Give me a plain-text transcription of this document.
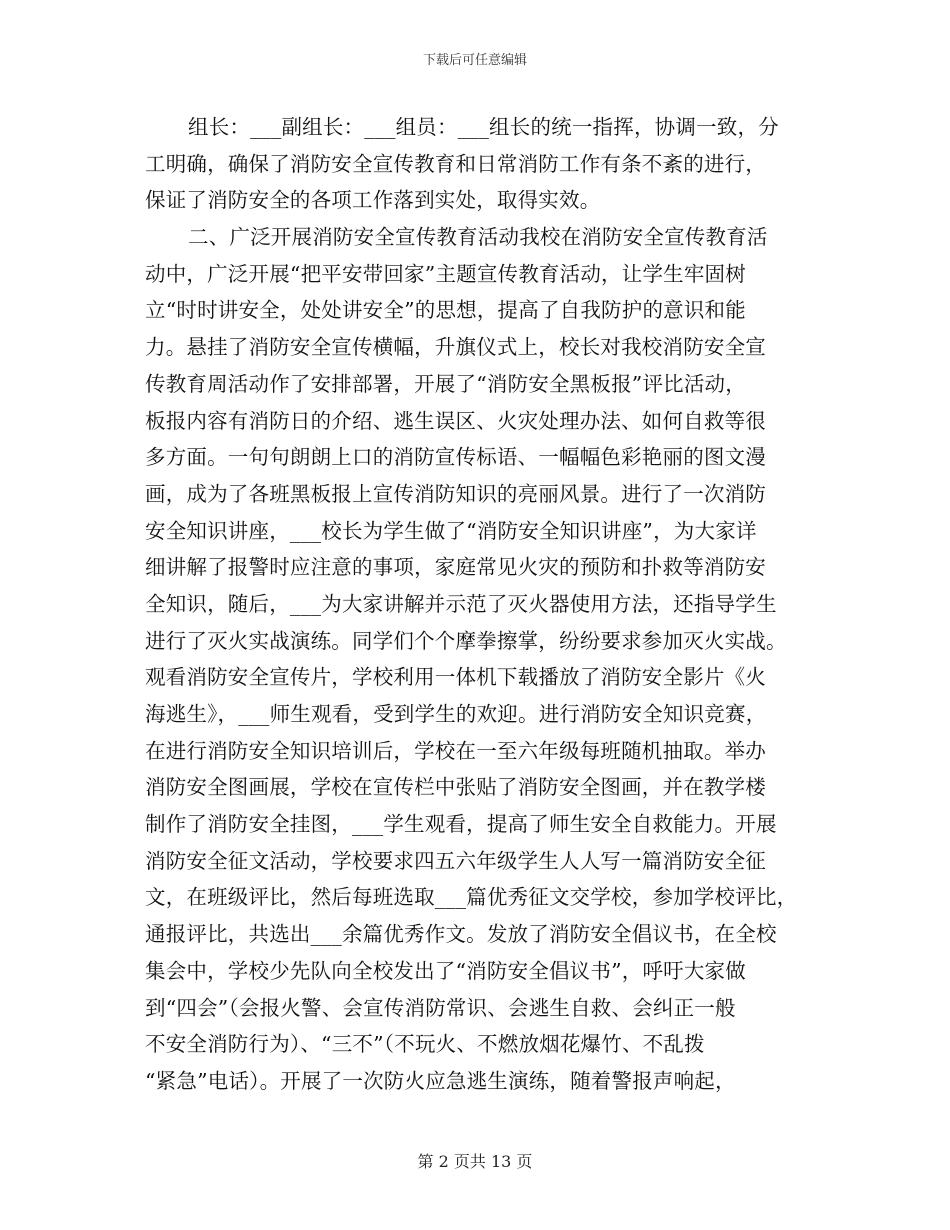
下载后可任意编辑
组长：___副组长：___组员：___组长的统一指挥，协调一致，分
工明确，确保了消防安全宣传教育和日常消防工作有条不紊的进行，
保证了消防安全的各项工作落到实处，取得实效。
二、广泛开展消防安全宣传教育活动我校在消防安全宣传教育活
动中，广泛开展“把平安带回家”主题宣传教育活动，让学生牢固树
立“时时讲安全，处处讲安全”的思想，提高了自我防护的意识和能
力。悬挂了消防安全宣传横幅，升旗仪式上，校长对我校消防安全宣
传教育周活动作了安排部署，开展了“消防安全黑板报”评比活动，
板报内容有消防日的介绍、逃生误区、火灾处理办法、如何自救等很
多方面。一句句朗朗上口的消防宣传标语、一幅幅色彩艳丽的图文漫
画，成为了各班黑板报上宣传消防知识的亮丽风景。进行了一次消防
安全知识讲座，___校长为学生做了“消防安全知识讲座”，为大家详
细讲解了报警时应注意的事项，家庭常见火灾的预防和扑救等消防安
全知识，随后，___为大家讲解并示范了灭火器使用方法，还指导学生
进行了灭火实战演练。同学们个个摩拳擦掌，纷纷要求参加灭火实战。
观看消防安全宣传片，学校利用一体机下载播放了消防安全影片《火
海逃生》，___师生观看，受到学生的欢迎。进行消防安全知识竞赛，
在进行消防安全知识培训后，学校在一至六年级每班随机抽取。举办
消防安全图画展，学校在宣传栏中张贴了消防安全图画，并在教学楼
制作了消防安全挂图，___学生观看，提高了师生安全自救能力。开展
消防安全征文活动，学校要求四五六年级学生人人写一篇消防安全征
文，在班级评比，然后每班选取___篇优秀征文交学校，参加学校评比，
通报评比，共选出___余篇优秀作文。发放了消防安全倡议书，在全校
集会中，学校少先队向全校发出了“消防安全倡议书”，呼吁大家做
到“四会”（会报火警、会宣传消防常识、会逃生自救、会纠正一般
不安全消防行为）、“三不”（不玩火、不燃放烟花爆竹、不乱拨
“紧急”电话）。开展了一次防火应急逃生演练，随着警报声响起，
第 2 页共 13 页
